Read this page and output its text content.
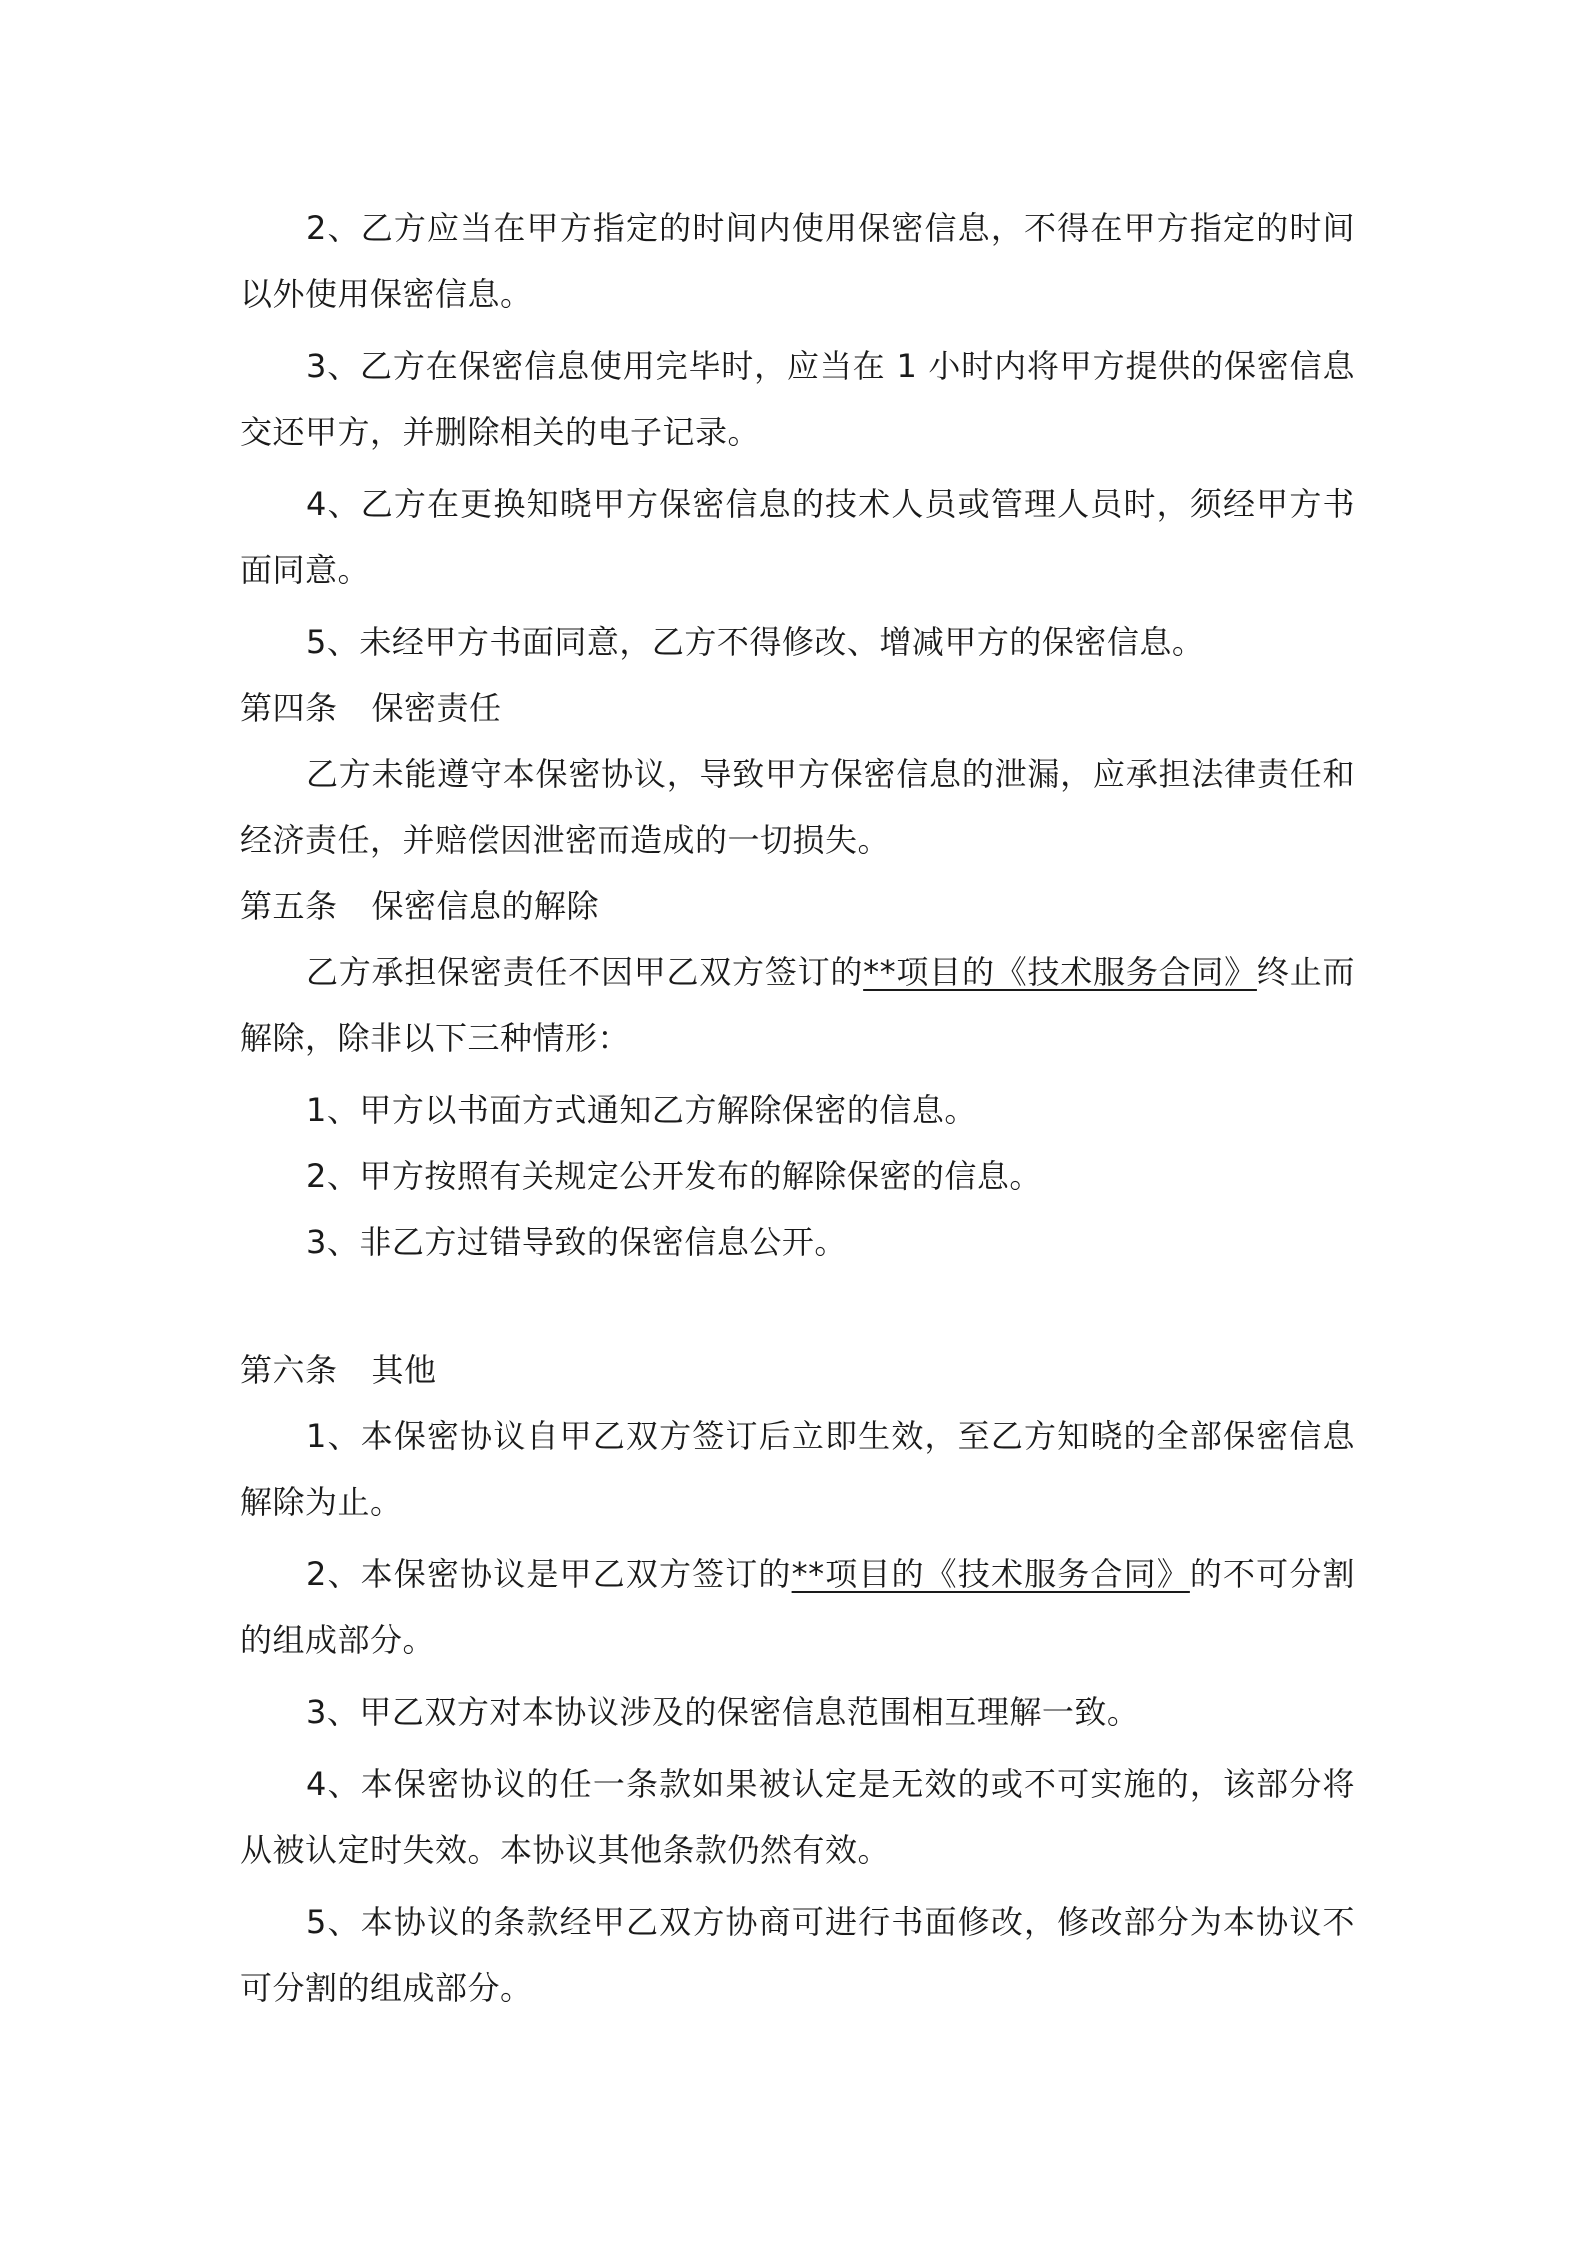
2、乙方应当在甲方指定的时间内使用保密信息，不得在甲方指定的时间以外使用保密信息。

3、乙方在保密信息使用完毕时，应当在 1 小时内将甲方提供的保密信息交还甲方，并删除相关的电子记录。

4、乙方在更换知晓甲方保密信息的技术人员或管理人员时，须经甲方书面同意。

5、未经甲方书面同意，乙方不得修改、增减甲方的保密信息。

第四条 保密责任

乙方未能遵守本保密协议，导致甲方保密信息的泄漏，应承担法律责任和经济责任，并赔偿因泄密而造成的一切损失。

第五条 保密信息的解除

乙方承担保密责任不因甲乙双方签订的**项目的《技术服务合同》终止而解除，除非以下三种情形：

1、甲方以书面方式通知乙方解除保密的信息。

2、甲方按照有关规定公开发布的解除保密的信息。

3、非乙方过错导致的保密信息公开。

第六条 其他

1、本保密协议自甲乙双方签订后立即生效，至乙方知晓的全部保密信息解除为止。

2、本保密协议是甲乙双方签订的**项目的《技术服务合同》的不可分割的组成部分。

3、甲乙双方对本协议涉及的保密信息范围相互理解一致。

4、本保密协议的任一条款如果被认定是无效的或不可实施的，该部分将从被认定时失效。本协议其他条款仍然有效。

5、本协议的条款经甲乙双方协商可进行书面修改，修改部分为本协议不可分割的组成部分。
